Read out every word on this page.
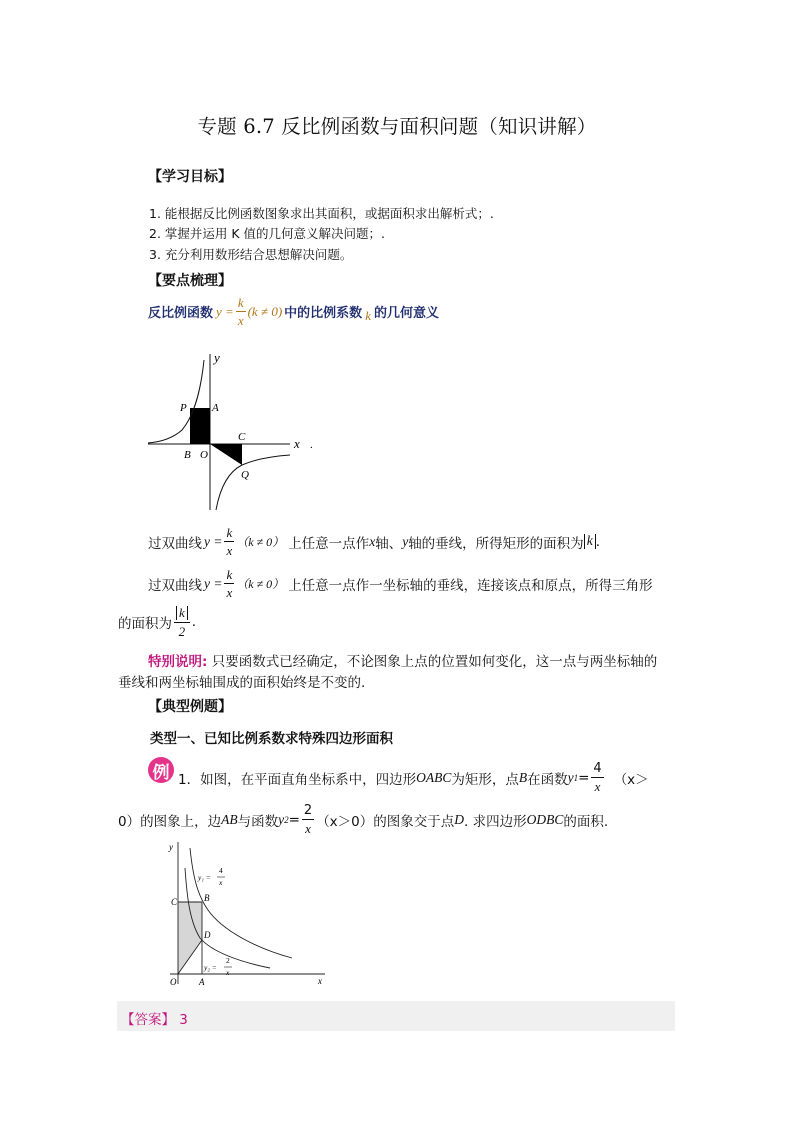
专题 6.7 反比例函数与面积问题（知识讲解）
【学习目标】
1. 能根据反比例函数图象求出其面积，或据面积求出解析式；.
2. 掌握并运用 K 值的几何意义解决问题；.
3. 充分利用数形结合思想解决问题。
【要点梳理】
反比例函数 $y = \frac{k}{x} (k \ne 0)$ 中的比例系数 k 的几何意义
y
x
P A
B O
C
Q
.
过双曲线 $y = \frac{k}{x} (k \ne 0)$ 上任意一点作 x 轴、 y 轴的垂线，所得矩形的面积为 k .
过双曲线 $y = \frac{k}{x} (k \ne 0)$ 上任意一点作一坐标轴的垂线，连接该点和原点，所得三角形
的面积为 $\frac{k}{2}$ .
特别说明: 只要函数式已经确定，不论图象上点的位置如何变化，这一点与两坐标轴的
垂线和两坐标轴围成的面积始终是不变的.
【典型例题】
类型一、已知比例系数求特殊四边形面积
例 1．如图，在平面直角坐标系中，四边形 OABC 为矩形，点 B 在函数 y $1 = \frac{4}{x} (x>$
0）的图象上，边 AB 与函数 y $2 = \frac{2}{x} (x>0)$的图象交于点 D . 求四边形 ODBC 的面积.
y
x
O	A
B
C
D
y₁ =
4
x
y₂ =
2
x
【答案】 3
